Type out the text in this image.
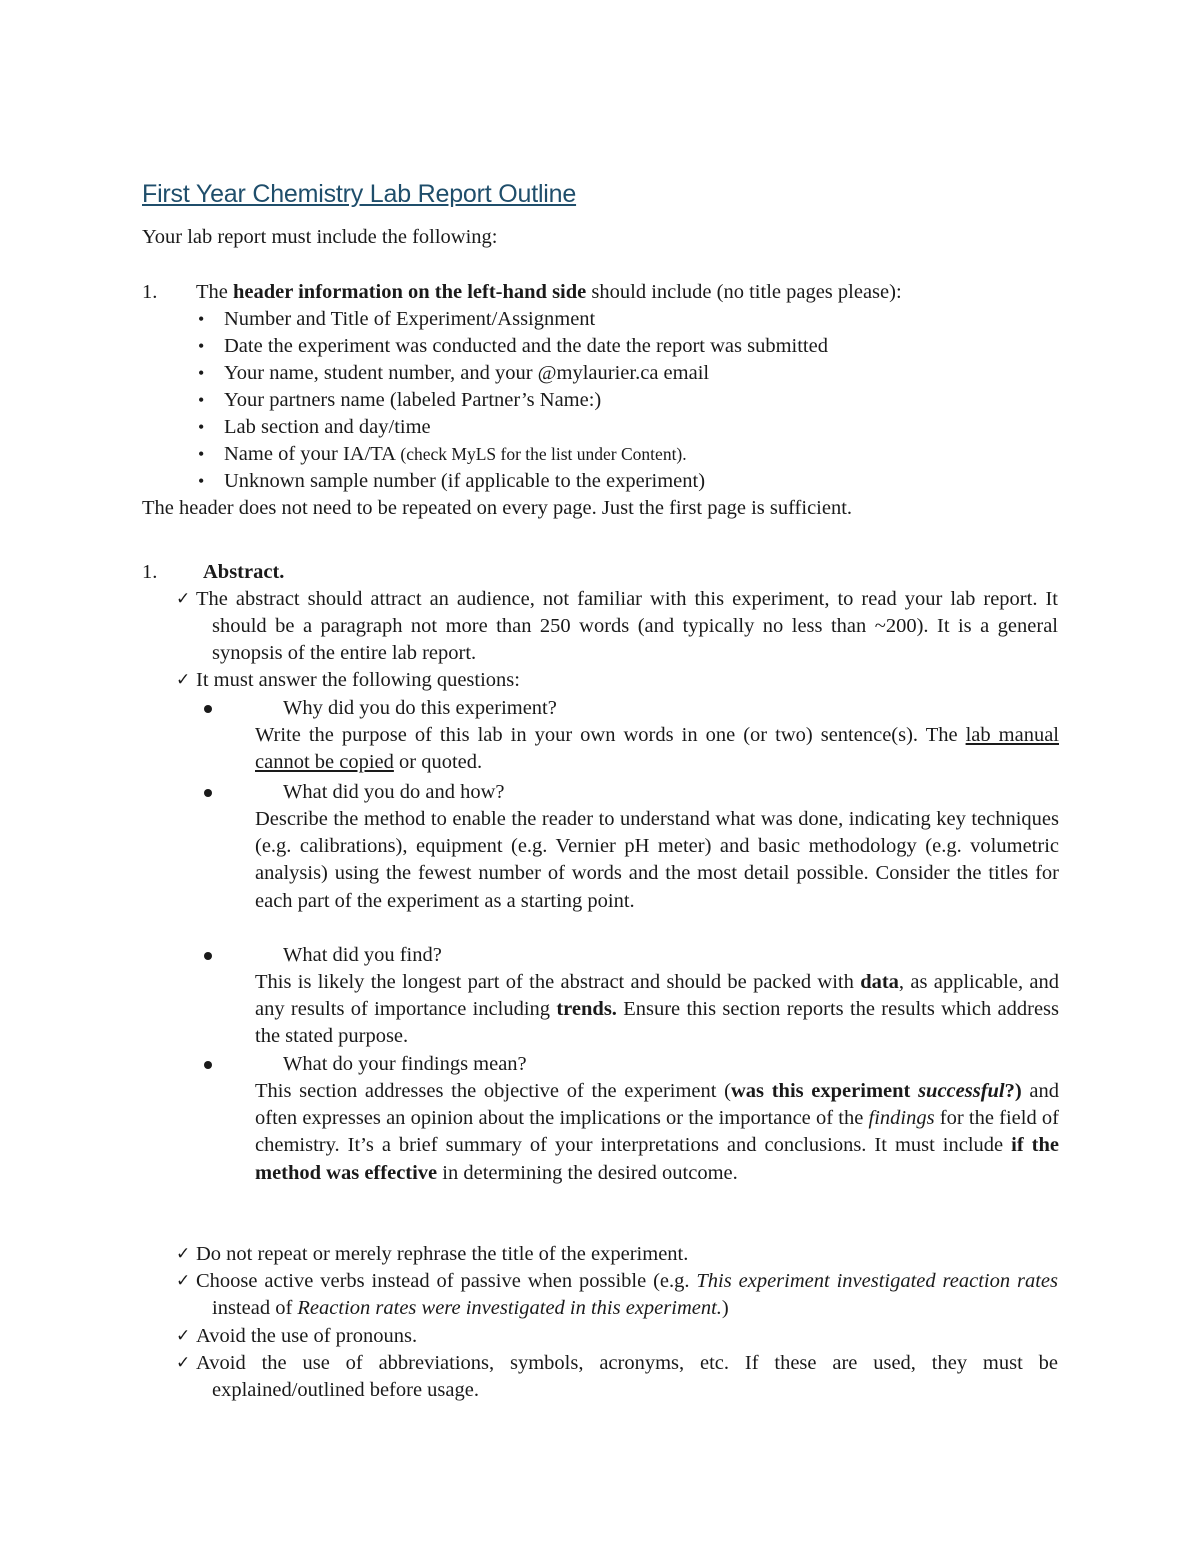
First Year Chemistry Lab Report Outline
Your lab report must include the following:
1. The header information on the left-hand side should include (no title pages please):
• Number and Title of Experiment/Assignment
• Date the experiment was conducted and the date the report was submitted
• Your name, student number, and your @mylaurier.ca email
• Your partners name (labeled Partner’s Name:)
• Lab section and day/time
• Name of your IA/TA (check MyLS for the list under Content).
• Unknown sample number (if applicable to the experiment)
The header does not need to be repeated on every page. Just the first page is sufficient.
1. Abstract.
✓ The abstract should attract an audience, not familiar with this experiment, to read your lab report. It should be a paragraph not more than 250 words (and typically no less than ~200). It is a general synopsis of the entire lab report.
✓ It must answer the following questions:
Why did you do this experiment?
Write the purpose of this lab in your own words in one (or two) sentence(s). The lab manual cannot be copied or quoted.
What did you do and how?
Describe the method to enable the reader to understand what was done, indicating key techniques (e.g. calibrations), equipment (e.g. Vernier pH meter) and basic methodology (e.g. volumetric analysis) using the fewest number of words and the most detail possible. Consider the titles for each part of the experiment as a starting point.
What did you find?
This is likely the longest part of the abstract and should be packed with data, as applicable, and any results of importance including trends. Ensure this section reports the results which address the stated purpose.
What do your findings mean?
This section addresses the objective of the experiment (was this experiment successful?) and often expresses an opinion about the implications or the importance of the findings for the field of chemistry. It’s a brief summary of your interpretations and conclusions. It must include if the method was effective in determining the desired outcome.
✓ Do not repeat or merely rephrase the title of the experiment.
✓ Choose active verbs instead of passive when possible (e.g. This experiment investigated reaction rates instead of Reaction rates were investigated in this experiment.)
✓ Avoid the use of pronouns.
✓ Avoid the use of abbreviations, symbols, acronyms, etc. If these are used, they must be explained/outlined before usage.
